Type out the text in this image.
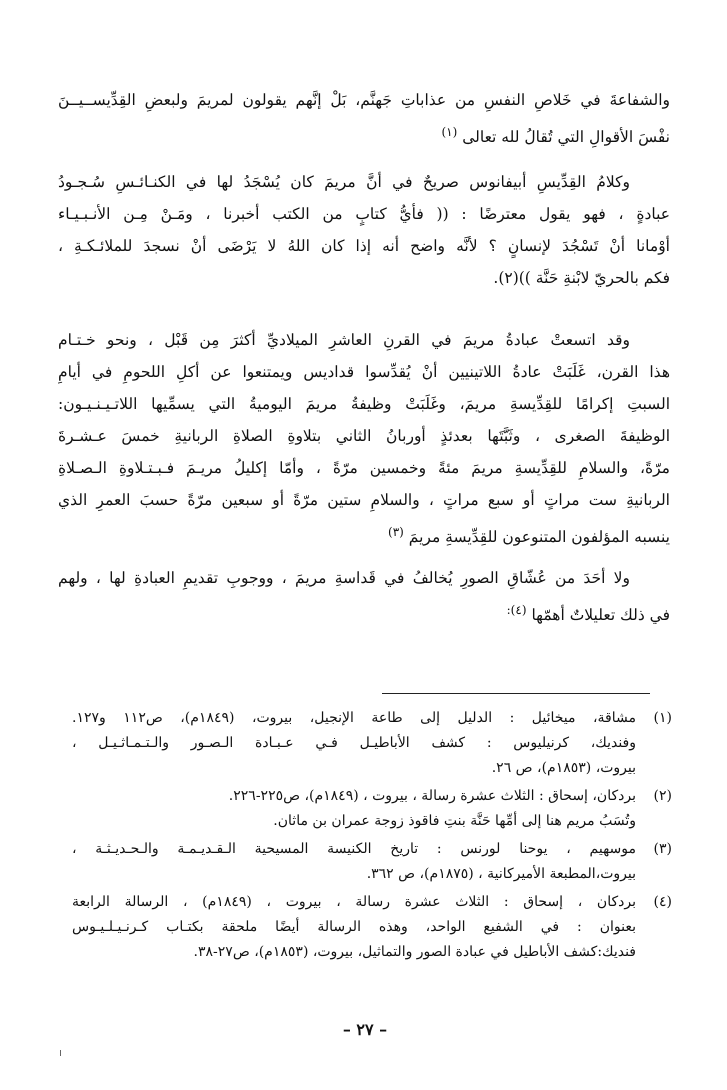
والشفاعةَ في خَلاصِ النفسِ من عذاباتِ جَهنَّم، بَلْ إنَّهم يقولون لمريمَ ولبعضِ القِدِّيســيــنَ
نفْسَ الأقوالِ التي تُقالُ لله تعالى $^{(١)}$
وكلامُ القِدِّيسِ أبيفانوس صريحٌ في أنَّ مريمَ كان يُسْجَدُ لها في الكنـائـسِ سُـجـودُ
عبادةٍ ، فهو يقول معترضًا : (( فأيُّ كتابٍ من الكتب أخبرنا ، ومَـنْ مِـن الأنـبـيـاء
أوْمانا أنْ تَسْجُدَ لإنسانٍ ؟ لأنَّه واضح أنه إذا كان اللهُ لا يَرْضَى أنْ نسجدَ للملائـكـةِ ،
فكم بالحريّ لابْنةِ حَنَّة ))(٢).
وقد اتسعتْ عبادةُ مريمَ في القرنِ العاشرِ الميلاديِّ أكثرَ مِن قَبْل ، ونحو خـتـام
هذا القرن، غَلَبَتْ عادةُ اللاتينيين أنْ يُقدِّسوا قداديس ويمتنعوا عن أكلِ اللحومِ في أيامِ
السبتِ إكرامًا للقِدِّيسةِ مريمَ، وغَلَبَتْ وظيفةُ مريمَ اليوميةُ التي يسمِّيها اللاتـيـنـيـون:
الوظيفةَ الصغرى ، وثَبَّتَها بعدئذٍ أوربانُ الثاني بتلاوةِ الصلاةِ الربانيةِ خمسَ عـشـرةَ
مرّةً، والسلامِ للقِدِّيسةِ مريمَ مئةً وخمسين مرّةً ، وأمّا إكليلُ مريـمَ فـبـتـلاوةِ الـصـلاةِ
الربانيةِ ست مراتٍ أو سبع مراتٍ ، والسلامِ ستين مرّةً أو سبعين مرّةً حسبَ العمرِ الذي
ينسبه المؤلفون المتنوعون للقِدِّيسةِ مريمَ $^{(٣)}$
ولا أحَدَ من عُشّاقِ الصورِ يُخالفُ في قَداسةِ مريمَ ، ووجوبِ تقديمِ العبادةِ لها ، ولهم
في ذلك تعليلاتٌ أهمّها $^{(٤):}$
(١)
مشاقة، ميخائيل : الدليل إلى طاعة الإنجيل، بيروت، (١٨٤٩م)، ص١١٢ و١٢٧.
وفنديك، كرنيليوس : كشف الأباطيـل فـي عـبـادة الـصـور والـتـمـاثـيـل ،
بيروت، (١٨٥٣م)، ص ٢٦.
(٢)
بردكان، إسحاق : الثلاث عشرة رسالة ، بيروت ، (١٨٤٩م)، ص٢٢٥-٢٢٦.
وتُسَبُ مريم هنا إلى أمِّها حَنَّة بنتِ فاقوذ زوجة عمران بن ماثان.
(٣)
موسهيم ، يوحنا لورنس : تاريخ الكنيسة المسيحية الـقـديـمـة والـحـديـثـة ،
بيروت،المطبعة الأميركانية ، (١٨٧٥م)، ص ٣٦٢.
(٤)
بردكان ، إسحاق : الثلاث عشرة رسالة ، بيروت ، (١٨٤٩م) ، الرسالة الرابعة
بعنوان : في الشفيع الواحد، وهذه الرسالة أيضًا ملحقة بكتـاب كـرنـيـلـيـوس
فنديك:كشف الأباطيل في عبادة الصور والتماثيل، بيروت، (١٨٥٣م)، ص٢٧-٣٨.
– ٢٧ –
